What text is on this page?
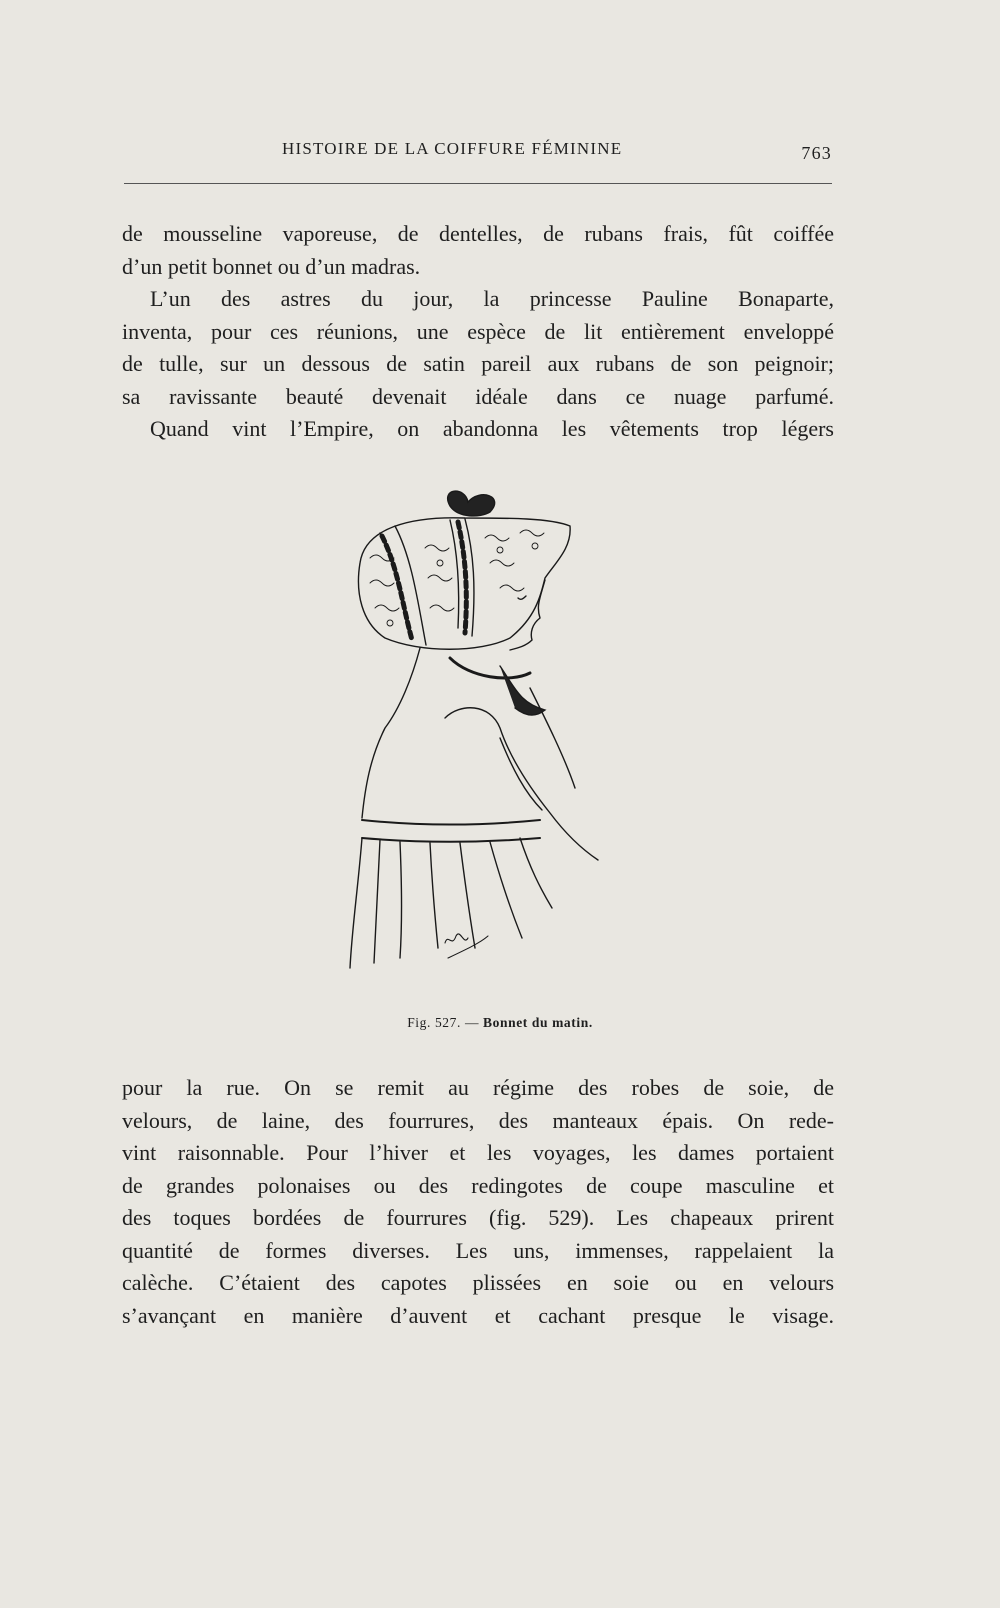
HISTOIRE DE LA COIFFURE FÉMININE	763

de mousseline vaporeuse, de dentelles, de rubans frais, fût coiffée
d’un petit bonnet ou d’un madras.

L’un des astres du jour, la princesse Pauline Bonaparte,
inventa, pour ces réunions, une espèce de lit entièrement enveloppé
de tulle, sur un dessous de satin pareil aux rubans de son peignoir;
sa ravissante beauté devenait idéale dans ce nuage parfumé.

Quand vint l’Empire, on abandonna les vêtements trop légers

Fig. 527. — Bonnet du matin.

pour la rue. On se remit au régime des robes de soie, de
velours, de laine, des fourrures, des manteaux épais. On rede-
vint raisonnable. Pour l’hiver et les voyages, les dames portaient
de grandes polonaises ou des redingotes de coupe masculine et
des toques bordées de fourrures (fig. 529). Les chapeaux prirent
quantité de formes diverses. Les uns, immenses, rappelaient la
calèche. C’étaient des capotes plissées en soie ou en velours
s’avançant en manière d’auvent et cachant presque le visage.
